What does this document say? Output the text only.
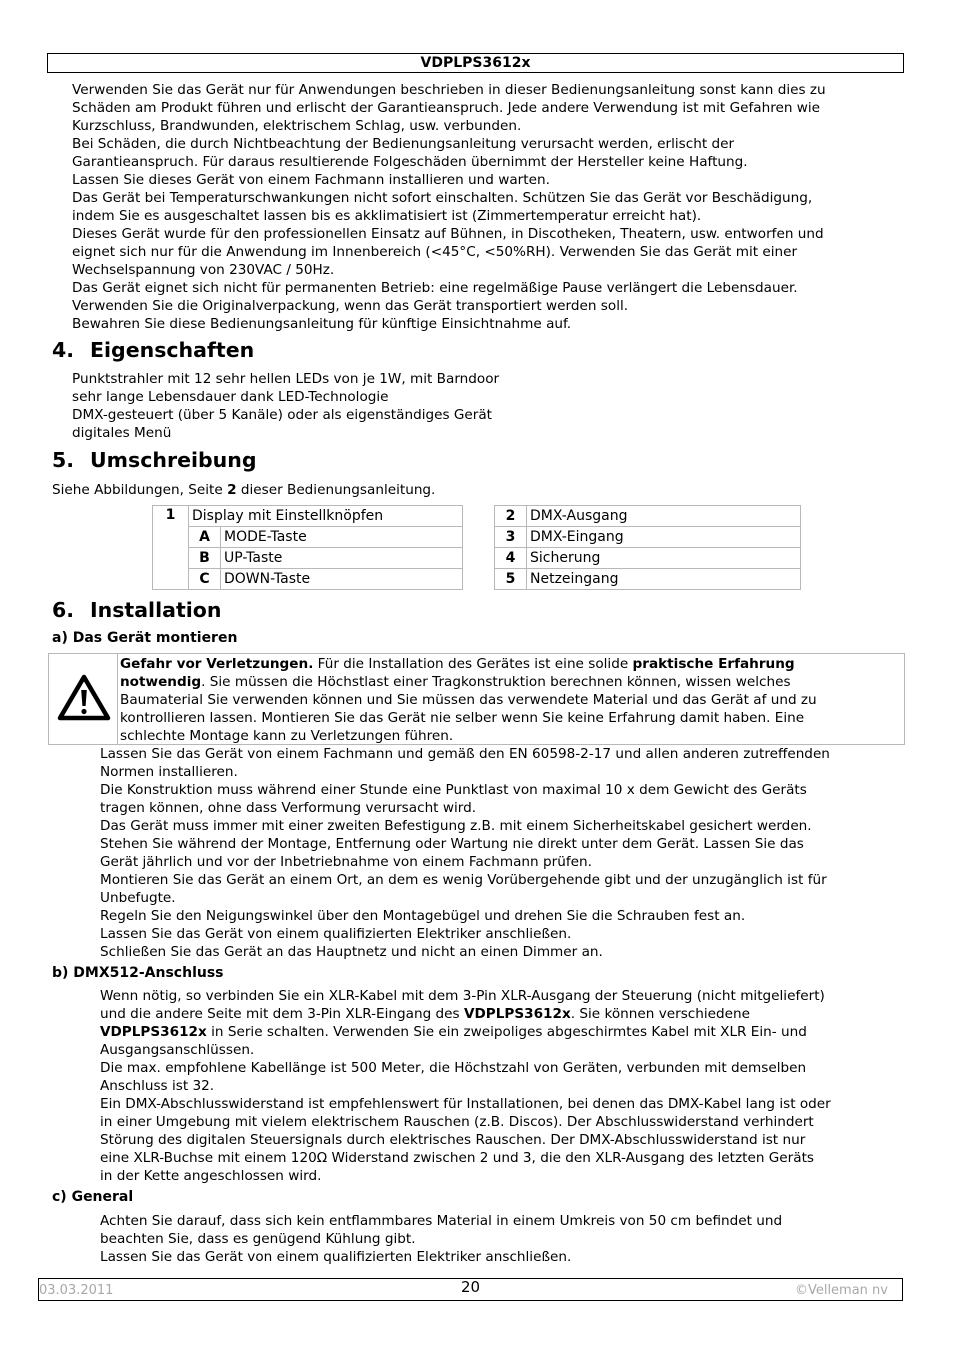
VDPLPS3612x
Verwenden Sie das Gerät nur für Anwendungen beschrieben in dieser Bedienungsanleitung sonst kann dies zu
Schäden am Produkt führen und erlischt der Garantieanspruch. Jede andere Verwendung ist mit Gefahren wie
Kurzschluss, Brandwunden, elektrischem Schlag, usw. verbunden.
Bei Schäden, die durch Nichtbeachtung der Bedienungsanleitung verursacht werden, erlischt der
Garantieanspruch. Für daraus resultierende Folgeschäden übernimmt der Hersteller keine Haftung.
Lassen Sie dieses Gerät von einem Fachmann installieren und warten.
Das Gerät bei Temperaturschwankungen nicht sofort einschalten. Schützen Sie das Gerät vor Beschädigung,
indem Sie es ausgeschaltet lassen bis es akklimatisiert ist (Zimmertemperatur erreicht hat).
Dieses Gerät wurde für den professionellen Einsatz auf Bühnen, in Discotheken, Theatern, usw. entworfen und
eignet sich nur für die Anwendung im Innenbereich (<45°C, <50%RH). Verwenden Sie das Gerät mit einer
Wechselspannung von 230VAC / 50Hz.
Das Gerät eignet sich nicht für permanenten Betrieb: eine regelmäßige Pause verlängert die Lebensdauer.
Verwenden Sie die Originalverpackung, wenn das Gerät transportiert werden soll.
Bewahren Sie diese Bedienungsanleitung für künftige Einsichtnahme auf.
4. Eigenschaften
Punktstrahler mit 12 sehr hellen LEDs von je 1W, mit Barndoor
sehr lange Lebensdauer dank LED-Technologie
DMX-gesteuert (über 5 Kanäle) oder als eigenständiges Gerät
digitales Menü
5. Umschreibung
Siehe Abbildungen, Seite 2 dieser Bedienungsanleitung.
1	Display mit Einstellknöpfen	
	A	MODE-Taste
	B	UP-Taste
	C	DOWN-Taste
2	DMX-Ausgang
3	DMX-Eingang
4	Sicherung
5	Netzeingang
6. Installation
a) Das Gerät montieren
Gefahr vor Verletzungen. Für die Installation des Gerätes ist eine solide praktische Erfahrung
notwendig. Sie müssen die Höchstlast einer Tragkonstruktion berechnen können, wissen welches
Baumaterial Sie verwenden können und Sie müssen das verwendete Material und das Gerät af und zu
kontrollieren lassen. Montieren Sie das Gerät nie selber wenn Sie keine Erfahrung damit haben. Eine
schlechte Montage kann zu Verletzungen führen.
Lassen Sie das Gerät von einem Fachmann und gemäß den EN 60598-2-17 und allen anderen zutreffenden
Normen installieren.
Die Konstruktion muss während einer Stunde eine Punktlast von maximal 10 x dem Gewicht des Geräts
tragen können, ohne dass Verformung verursacht wird.
Das Gerät muss immer mit einer zweiten Befestigung z.B. mit einem Sicherheitskabel gesichert werden.
Stehen Sie während der Montage, Entfernung oder Wartung nie direkt unter dem Gerät. Lassen Sie das
Gerät jährlich und vor der Inbetriebnahme von einem Fachmann prüfen.
Montieren Sie das Gerät an einem Ort, an dem es wenig Vorübergehende gibt und der unzugänglich ist für
Unbefugte.
Regeln Sie den Neigungswinkel über den Montagebügel und drehen Sie die Schrauben fest an.
Lassen Sie das Gerät von einem qualifizierten Elektriker anschließen.
Schließen Sie das Gerät an das Hauptnetz und nicht an einen Dimmer an.
b) DMX512-Anschluss
Wenn nötig, so verbinden Sie ein XLR-Kabel mit dem 3-Pin XLR-Ausgang der Steuerung (nicht mitgeliefert)
und die andere Seite mit dem 3-Pin XLR-Eingang des VDPLPS3612x. Sie können verschiedene
VDPLPS3612x in Serie schalten. Verwenden Sie ein zweipoliges abgeschirmtes Kabel mit XLR Ein- und
Ausgangsanschlüssen.
Die max. empfohlene Kabellänge ist 500 Meter, die Höchstzahl von Geräten, verbunden mit demselben
Anschluss ist 32.
Ein DMX-Abschlusswiderstand ist empfehlenswert für Installationen, bei denen das DMX-Kabel lang ist oder
in einer Umgebung mit vielem elektrischem Rauschen (z.B. Discos). Der Abschlusswiderstand verhindert
Störung des digitalen Steuersignals durch elektrisches Rauschen. Der DMX-Abschlusswiderstand ist nur
eine XLR-Buchse mit einem 120Ω Widerstand zwischen 2 und 3, die den XLR-Ausgang des letzten Geräts
in der Kette angeschlossen wird.
c) General
Achten Sie darauf, dass sich kein entflammbares Material in einem Umkreis von 50 cm befindet und
beachten Sie, dass es genügend Kühlung gibt.
Lassen Sie das Gerät von einem qualifizierten Elektriker anschließen.
03.03.2011	20	©Velleman nv
